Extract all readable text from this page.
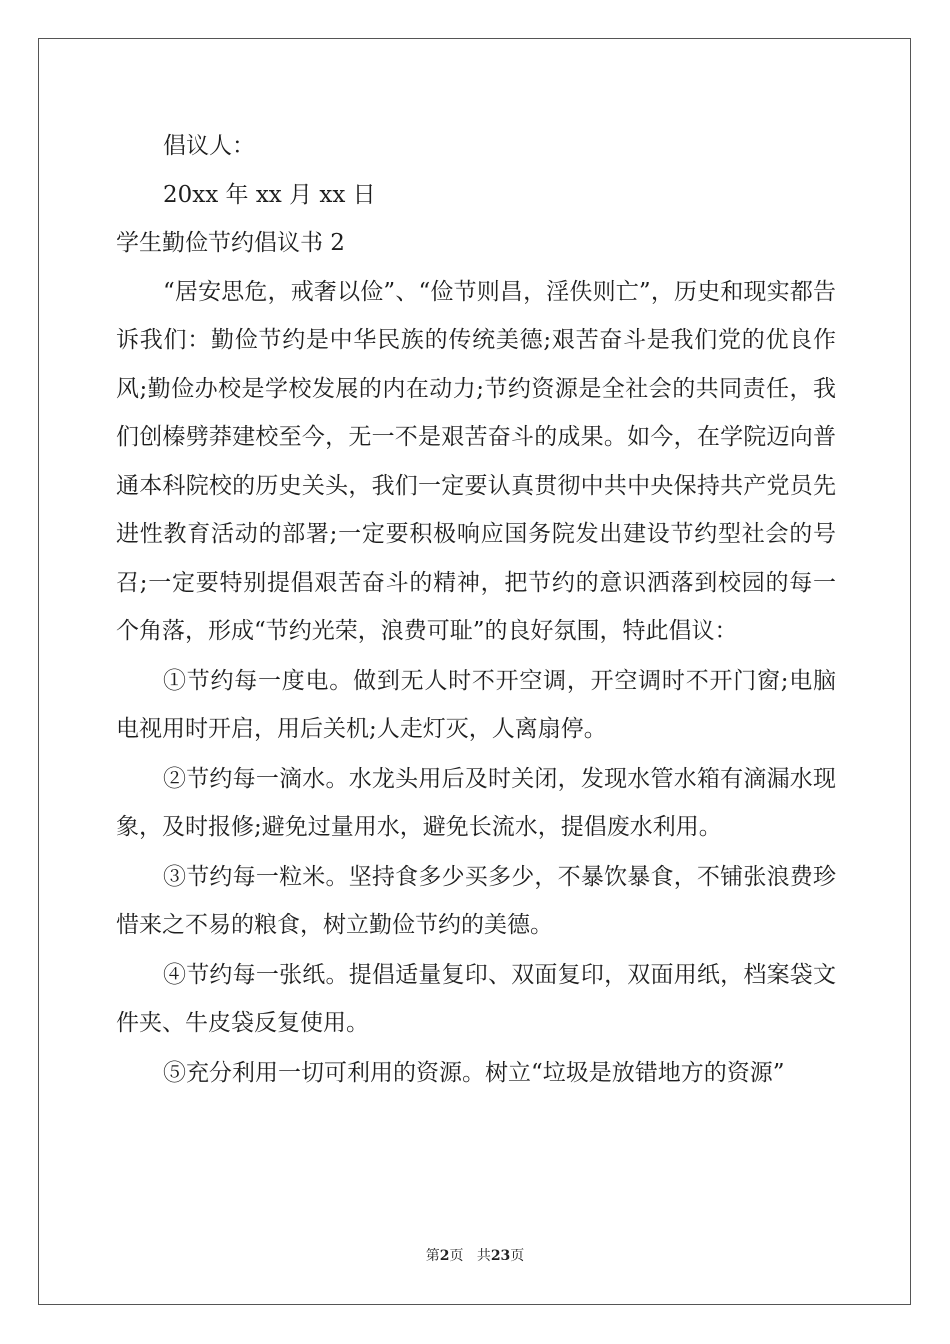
倡议人：

20xx 年 xx 月 xx 日

学生勤俭节约倡议书 2

“居安思危，戒奢以俭”、“俭节则昌，淫佚则亡”，历史和现实都告诉我们：勤俭节约是中华民族的传统美德;艰苦奋斗是我们党的优良作风;勤俭办校是学校发展的内在动力;节约资源是全社会的共同责任，我们创榛劈莽建校至今，无一不是艰苦奋斗的成果。如今，在学院迈向普通本科院校的历史关头，我们一定要认真贯彻中共中央保持共产党员先进性教育活动的部署;一定要积极响应国务院发出建设节约型社会的号召;一定要特别提倡艰苦奋斗的精神，把节约的意识洒落到校园的每一个角落，形成“节约光荣，浪费可耻”的良好氛围，特此倡议：

①节约每一度电。做到无人时不开空调，开空调时不开门窗;电脑电视用时开启，用后关机;人走灯灭，人离扇停。

②节约每一滴水。水龙头用后及时关闭，发现水管水箱有滴漏水现象，及时报修;避免过量用水，避免长流水，提倡废水利用。

③节约每一粒米。坚持食多少买多少，不暴饮暴食，不铺张浪费珍惜来之不易的粮食，树立勤俭节约的美德。

④节约每一张纸。提倡适量复印、双面复印，双面用纸，档案袋文件夹、牛皮袋反复使用。

⑤充分利用一切可利用的资源。树立“垃圾是放错地方的资源”

第2页 共23页
